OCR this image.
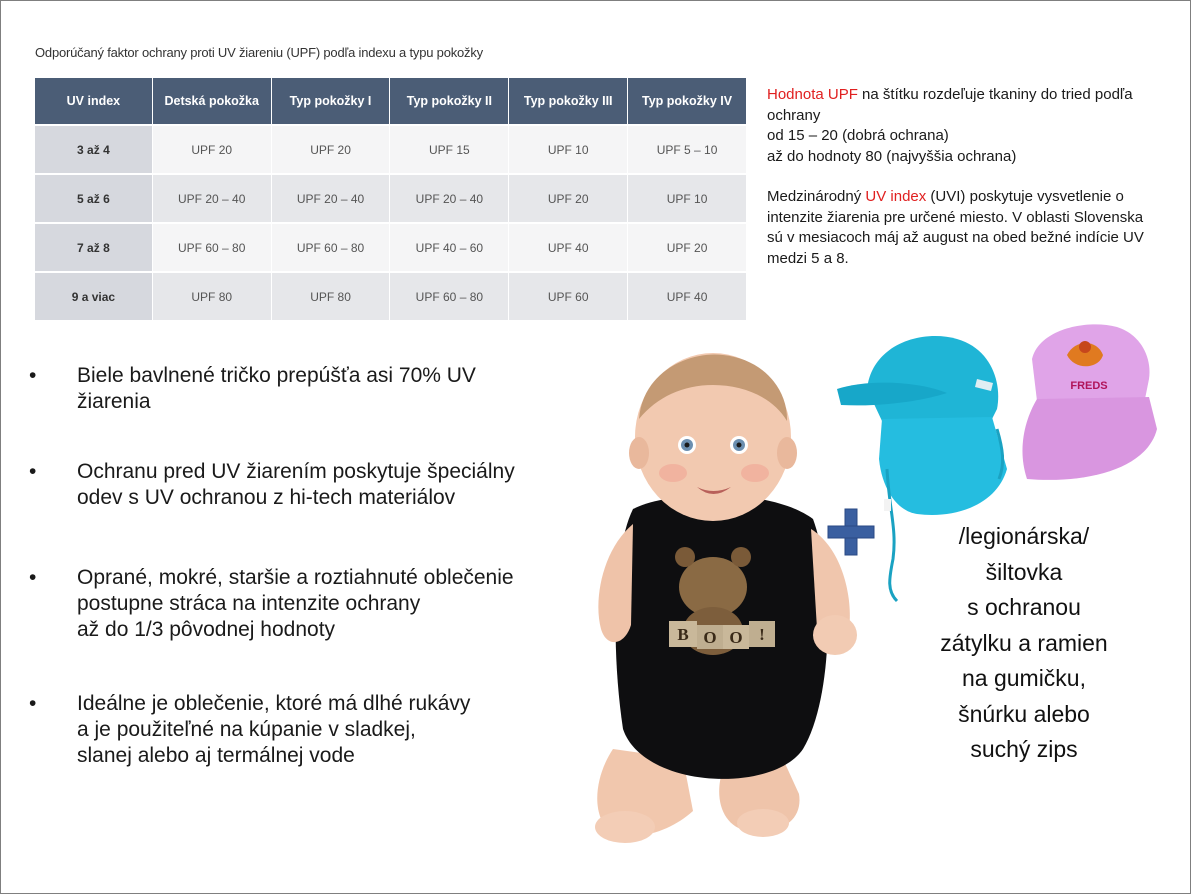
Odporúčaný faktor ochrany proti UV žiareniu (UPF) podľa indexu a typu pokožky
UV index	Detská pokožka	Typ pokožky I	Typ pokožky II	Typ pokožky III	Typ pokožky IV
3 až 4	UPF 20	UPF 20	UPF 15	UPF 10	UPF 5 – 10
5 až 6	UPF 20 – 40	UPF 20 – 40	UPF 20 – 40	UPF 20	UPF 10
7 až 8	UPF 60 – 80	UPF 60 – 80	UPF 40 – 60	UPF 40	UPF 20
9 a viac	UPF 80	UPF 80	UPF 60 – 80	UPF 60	UPF 40

Hodnota UPF na štítku rozdeľuje tkaniny do tried podľa ochrany
od 15 – 20 (dobrá ochrana)
až do hodnoty 80 (najvyššia ochrana)

Medzinárodný UV index (UVI) poskytuje vysvetlenie o intenzite žiarenia pre určené miesto. V oblasti Slovenska sú v mesiacoch máj až august na obed bežné indície UV medzi 5 a 8.

• Biele bavlnené tričko prepúšťa asi 70% UV
žiarenia
• Ochranu pred UV žiarením poskytuje špeciálny
odev s UV ochranou z hi-tech materiálov
• Oprané, mokré, staršie a roztiahnuté oblečenie
postupne stráca na intenzite ochrany
až do 1/3 pôvodnej hodnoty
• Ideálne je oblečenie, ktoré má dlhé rukávy
a je použiteľné na kúpanie v sladkej,
slanej alebo aj termálnej vode
B O O !
FREDS
/legionárska/
šiltovka
s ochranou
zátylku a ramien
na gumičku,
šnúrku alebo
suchý zips
